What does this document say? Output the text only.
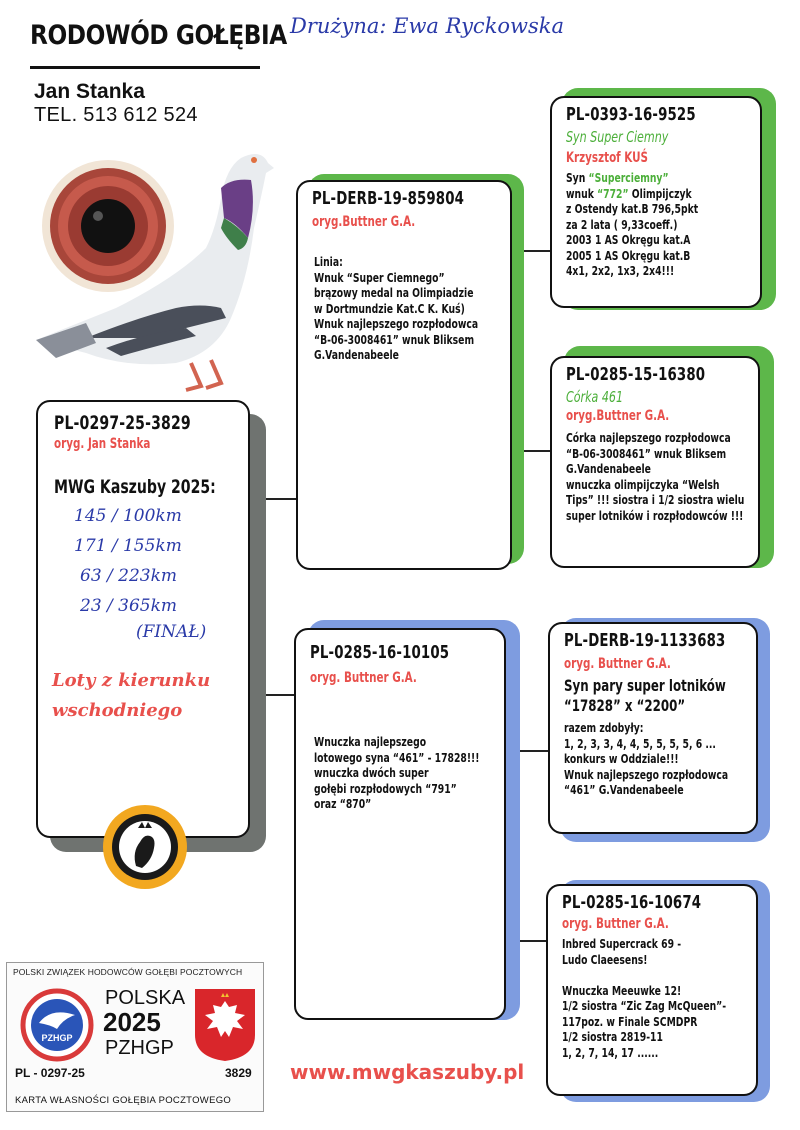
RODOWÓD GOŁĘBIA Drużyna: Ewa Ryckowska
Jan Stanka
TEL. 513 612 524
PL-0297-25-3829
oryg. Jan Stanka
MWG Kaszuby 2025:
145 / 100km
171 / 155km
63 / 223km
23 / 365km
(FINAŁ)
Loty z kierunku
wschodniego
PL-DERB-19-859804
oryg.Buttner G.A.
Linia:
Wnuk “Super Ciemnego”
brązowy medal na Olimpiadzie
w Dortmundzie Kat.C K. Kuś)
Wnuk najlepszego rozpłodowca
“B-06-3008461” wnuk Bliksem
G.Vandenabeele
PL-0285-16-10105
oryg. Buttner G.A.
Wnuczka najlepszego
lotowego syna “461” - 17828!!!
wnuczka dwóch super
gołębi rozpłodowych “791”
oraz “870”
PL-0393-16-9525
Syn Super Ciemny
Krzysztof KUŚ
Syn “Superciemny”
wnuk “772” Olimpijczyk
z Ostendy kat.B 796,5pkt
za 2 lata ( 9,33coeff.)
2003 1 AS Okręgu kat.A
2005 1 AS Okręgu kat.B
4x1, 2x2, 1x3, 2x4!!!
PL-0285-15-16380
Córka 461
oryg.Buttner G.A.
Córka najlepszego rozpłodowca
“B-06-3008461” wnuk Bliksem
G.Vandenabeele
wnuczka olimpijczyka “Welsh
Tips” !!! siostra i 1/2 siostra wielu
super lotników i rozpłodowców !!!
PL-DERB-19-1133683
oryg. Buttner G.A.
Syn pary super lotników
“17828” x “2200”
razem zdobyły:
1, 2, 3, 3, 4, 4, 5, 5, 5, 5, 6 ...
konkurs w Oddziale!!!
Wnuk najlepszego rozpłodowca
“461” G.Vandenabeele
PL-0285-16-10674
oryg. Buttner G.A.
Inbred Supercrack 69 -
Ludo Claeesens!
Wnuczka Meeuwke 12!
1/2 siostra “Zic Zag McQueen”-
117poz. w Finale SCMDPR
1/2 siostra 2819-11
1, 2, 7, 14, 17 ......
www.mwgkaszuby.pl
POLSKI ZWIĄZEK HODOWCÓW GOŁĘBI POCZTOWYCH
PZHGP
POLSKA
2025
PZHGP
PL - 0297-25	3829
KARTA WŁASNOŚCI GOŁĘBIA POCZTOWEGO
